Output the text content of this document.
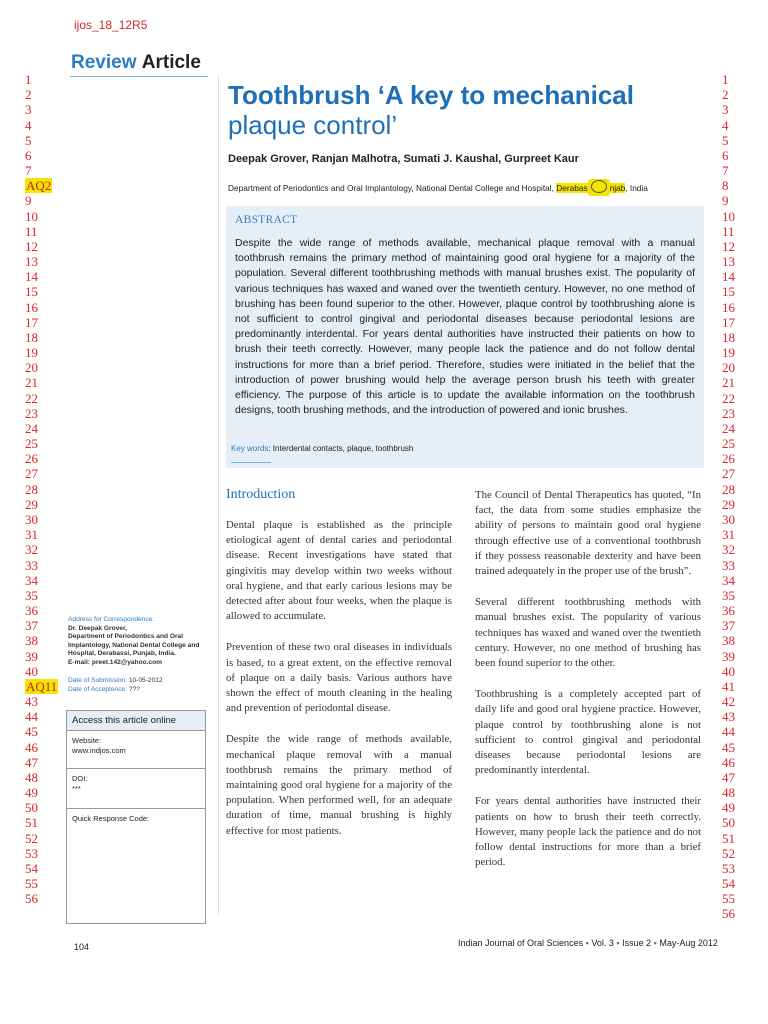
ijos_18_12R5
Review Article
1
2
3
4
5
6
7
AQ2
9
10
11
12
13
14
15
16
17
18
19
20
21
22
23
24
25
26
27
28
29
30
31
32
33
34
35
36
37
38
39
40
AQ11
43
44
45
46
47
48
49
50
51
52
53
54
55
56
1
2
3
4
5
6
7
8
9
10
11
12
13
14
15
16
17
18
19
20
21
22
23
24
25
26
27
28
29
30
31
32
33
34
35
36
37
38
39
40
41
42
43
44
45
46
47
48
49
50
51
52
53
54
55
56
Toothbrush ‘A key to mechanical
plaque control’
Deepak Grover, Ranjan Malhotra, Sumati J. Kaushal, Gurpreet Kaur
Department of Periodontics and Oral Implantology, National Dental College and Hospital, Derabas	njab, India
ABSTRACT
Despite the wide range of methods available, mechanical plaque removal with a manual toothbrush remains the primary method of maintaining good oral hygiene for a majority of the population. Several different toothbrushing methods with manual brushes exist. The popularity of various techniques has waxed and waned over the twentieth century. However, no one method of brushing has been found superior to the other. However, plaque control by toothbrushing alone is not sufficient to control gingival and periodontal diseases because periodontal lesions are predominantly interdental. For years dental authorities have instructed their patients on how to brush their teeth correctly. However, many people lack the patience and do not follow dental instructions for more than a brief period. Therefore, studies were initiated in the belief that the introduction of power brushing would help the average person brush his teeth with greater efficiency. The purpose of this article is to update the available information on the toothbrush designs, tooth brushing methods, and the introduction of powered and ionic brushes.
Key words: Interdental contacts, plaque, toothbrush
Introduction

Dental plaque is established as the principle etiological agent of dental caries and periodontal disease. Recent investigations have stated that gingivitis may develop within two weeks without oral hygiene, and that early carious lesions may be detected after about four weeks, when the plaque is allowed to accumulate.

Prevention of these two oral diseases in individuals is based, to a great extent, on the effective removal of plaque on a daily basis. Various authors have shown the effect of mouth cleaning in the healing and prevention of periodontal disease.

Despite the wide range of methods available, mechanical plaque removal with a manual toothbrush remains the primary method of maintaining good oral hygiene for a majority of the population. When performed well, for an adequate duration of time, manual brushing is highly effective for most patients.

The Council of Dental Therapeutics has quoted, “In fact, the data from some studies emphasize the ability of persons to maintain good oral hygiene through effective use of a conventional toothbrush if they possess reasonable dexterity and have been trained adequately in the proper use of the brush”.

Several different toothbrushing methods with manual brushes exist. The popularity of various techniques has waxed and waned over the twentieth century. However, no one method of brushing has been found superior to the other.

Toothbrushing is a completely accepted part of daily life and good oral hygiene practice. However, plaque control by toothbrushing alone is not sufficient to control gingival and periodontal diseases because periodontal lesions are predominantly interdental.

For years dental authorities have instructed their patients on how to brush their teeth correctly. However, many people lack the patience and do not follow dental instructions for more than a brief period.

Address for Correspondence:
Dr. Deepak Grover,
Department of Periodontics and Oral Implantology, National Dental College and Hospital, Derabassi, Punjab, India.
E-mail: preet.142@yahoo.com
Date of Submission: 10-05-2012
Date of Acceptence: ???
Access this article online
Website:
www.indjos.com
DOI:
***
Quick Response Code:
104	Indian Journal of Oral Sciences ▪ Vol. 3 ▪ Issue 2 ▪ May-Aug 2012
